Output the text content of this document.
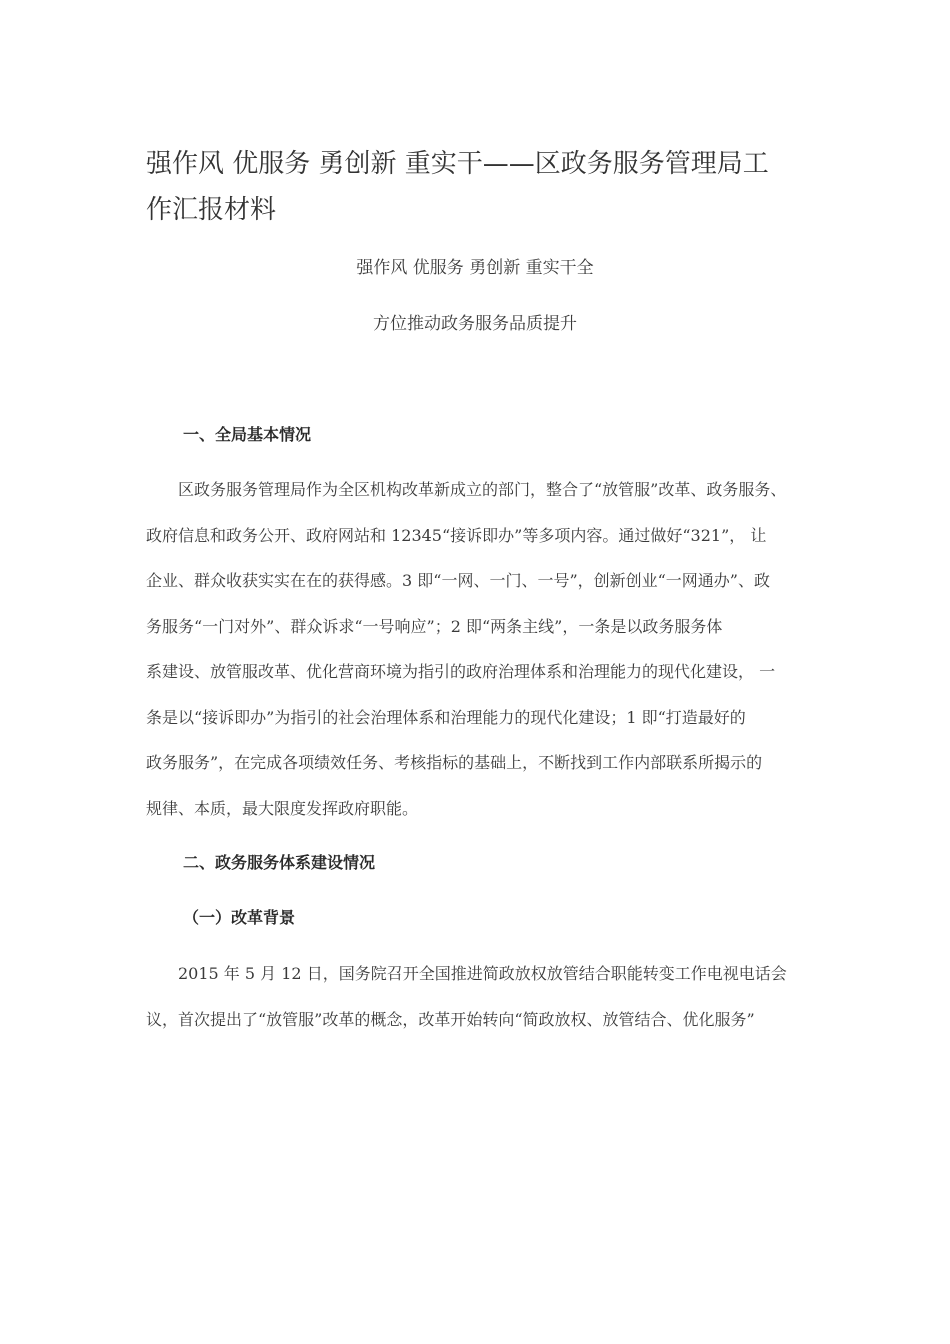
强作风 优服务 勇创新 重实干——区政务服务管理局工
作汇报材料

强作风 优服务 勇创新 重实干全

方位推动政务服务品质提升

一、全局基本情况

　　区政务服务管理局作为全区机构改革新成立的部门，整合了“放管服”改革、政务服务、
政府信息和政务公开、政府网站和 12345“接诉即办”等多项内容。通过做好“321”， 让
企业、群众收获实实在在的获得感。3 即“一网、一门、一号”，创新创业“一网通办”、政
务服务“一门对外”、群众诉求“一号响应”；2 即“两条主线”，一条是以政务服务体
系建设、放管服改革、优化营商环境为指引的政府治理体系和治理能力的现代化建设， 一
条是以“接诉即办”为指引的社会治理体系和治理能力的现代化建设；1 即“打造最好的
政务服务”，在完成各项绩效任务、考核指标的基础上，不断找到工作内部联系所揭示的
规律、本质，最大限度发挥政府职能。

二、政务服务体系建设情况
（一）改革背景

　　2015 年 5 月 12 日，国务院召开全国推进简政放权放管结合职能转变工作电视电话会
议，首次提出了“放管服”改革的概念，改革开始转向“简政放权、放管结合、优化服务”
